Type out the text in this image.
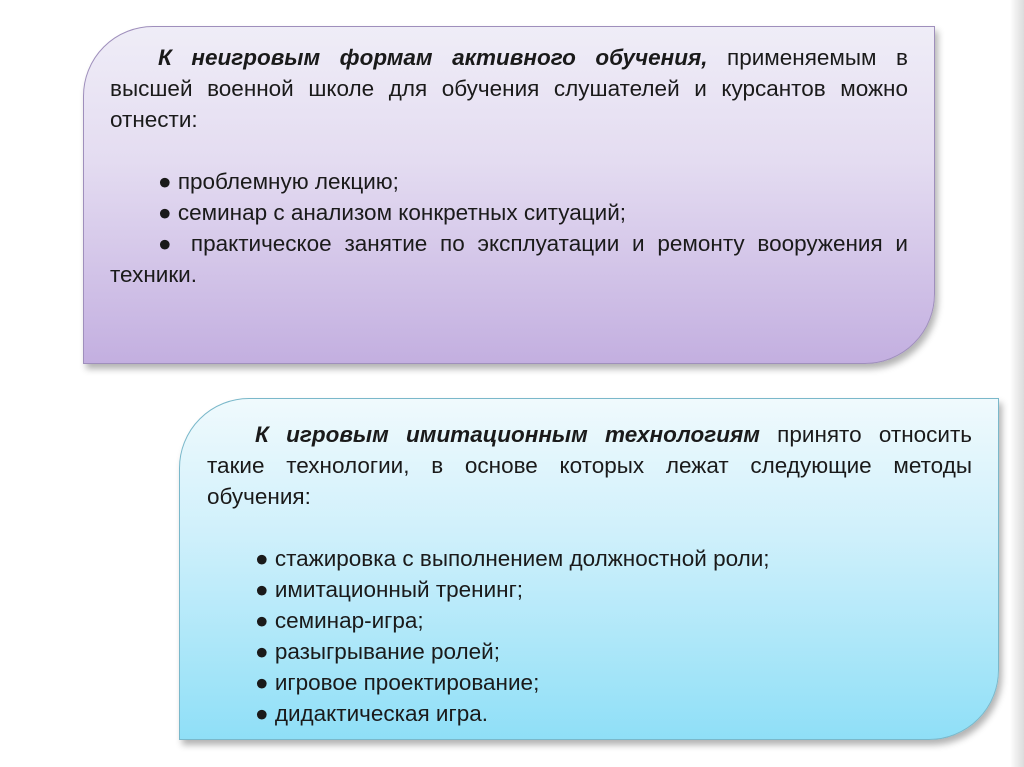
К неигровым формам активного обучения, применяемым в высшей военной школе для обучения слушателей и курсантов можно отнести:

● проблемную лекцию;

● семинар с анализом конкретных ситуаций;

● практическое занятие по эксплуатации и ремонту вооружения и техники.

К игровым имитационным технологиям принято относить такие технологии, в основе которых лежат следующие методы обучения:

● стажировка с выполнением должностной роли;

● имитационный тренинг;

● семинар-игра;

● разыгрывание ролей;

● игровое проектирование;

● дидактическая игра.
